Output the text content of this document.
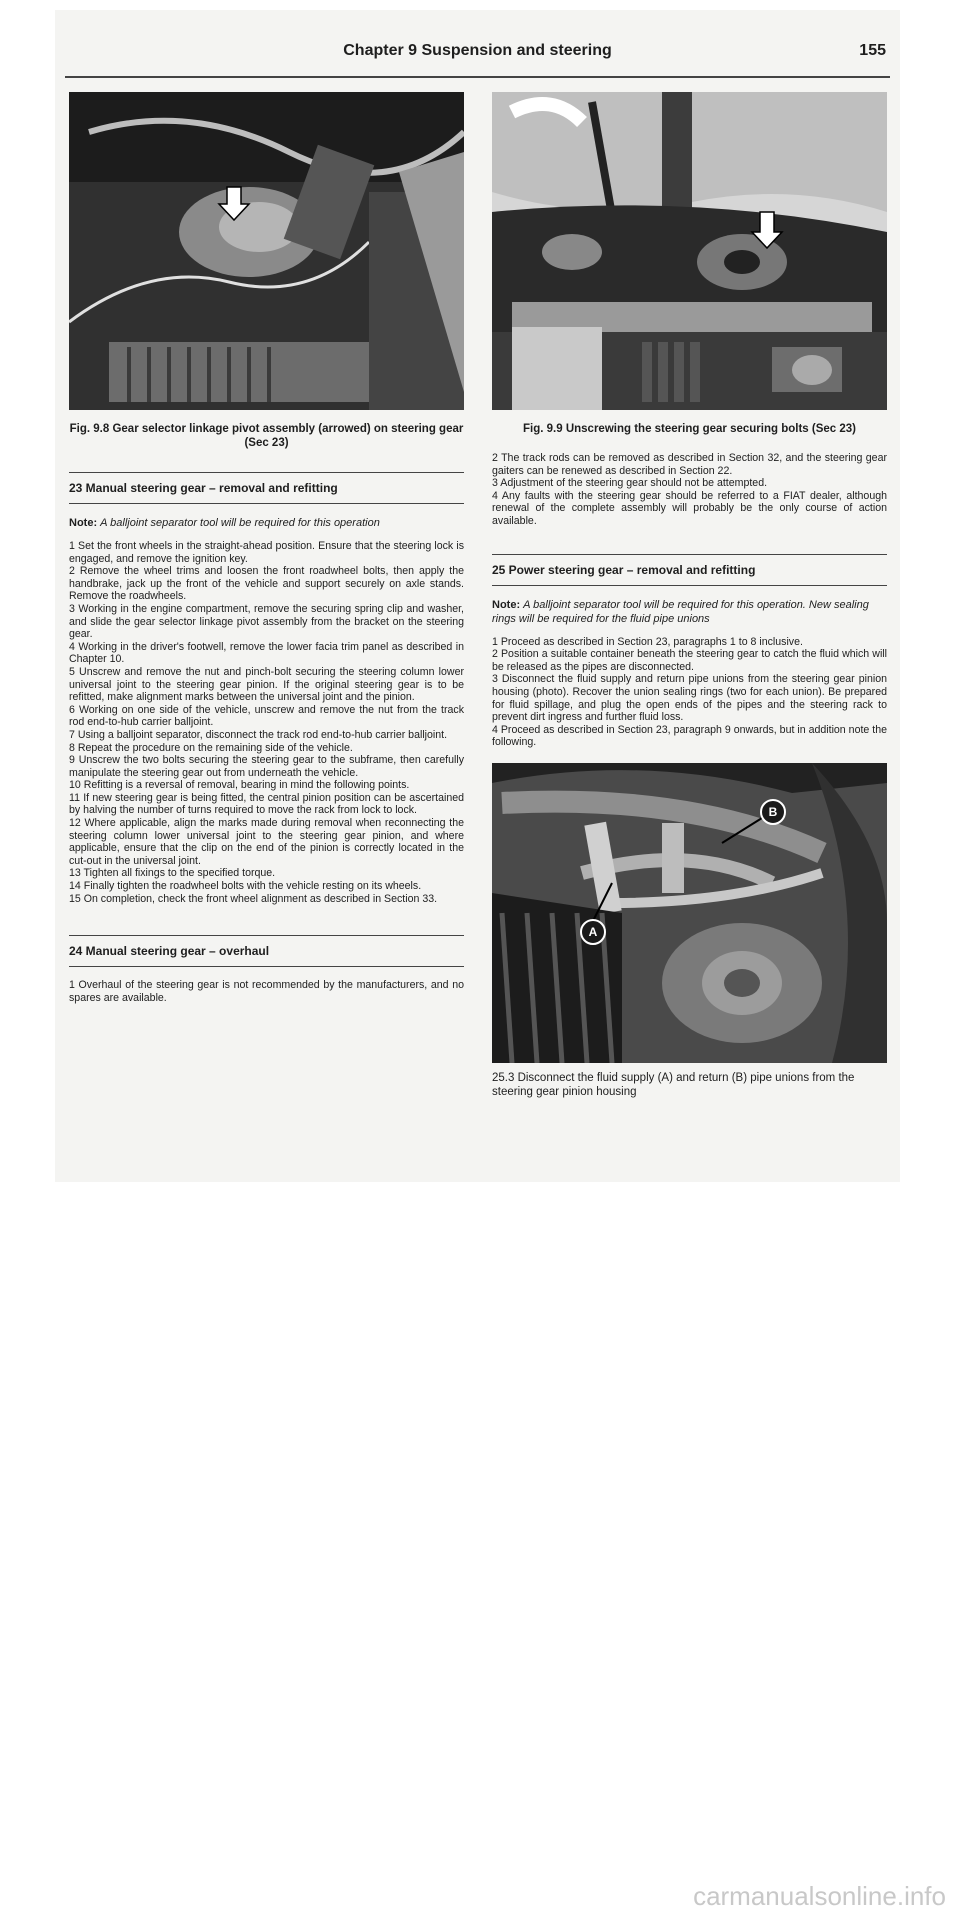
Chapter 9 Suspension and steering	155
Fig. 9.8 Gear selector linkage pivot assembly (arrowed) on steering gear (Sec 23)
23 Manual steering gear – removal and refitting
Note: A balljoint separator tool will be required for this operation

1 Set the front wheels in the straight-ahead position. Ensure that the steering lock is engaged, and remove the ignition key.

2 Remove the wheel trims and loosen the front roadwheel bolts, then apply the handbrake, jack up the front of the vehicle and support securely on axle stands. Remove the roadwheels.

3 Working in the engine compartment, remove the securing spring clip and washer, and slide the gear selector linkage pivot assembly from the bracket on the steering gear.

4 Working in the driver's footwell, remove the lower facia trim panel as described in Chapter 10.

5 Unscrew and remove the nut and pinch-bolt securing the steering column lower universal joint to the steering gear pinion. If the original steering gear is to be refitted, make alignment marks between the universal joint and the pinion.

6 Working on one side of the vehicle, unscrew and remove the nut from the track rod end-to-hub carrier balljoint.

7 Using a balljoint separator, disconnect the track rod end-to-hub carrier balljoint.

8 Repeat the procedure on the remaining side of the vehicle.

9 Unscrew the two bolts securing the steering gear to the subframe, then carefully manipulate the steering gear out from underneath the vehicle.

10 Refitting is a reversal of removal, bearing in mind the following points.

11 If new steering gear is being fitted, the central pinion position can be ascertained by halving the number of turns required to move the rack from lock to lock.

12 Where applicable, align the marks made during removal when reconnecting the steering column lower universal joint to the steering gear pinion, and where applicable, ensure that the clip on the end of the pinion is correctly located in the cut-out in the universal joint.

13 Tighten all fixings to the specified torque.

14 Finally tighten the roadwheel bolts with the vehicle resting on its wheels.

15 On completion, check the front wheel alignment as described in Section 33.

24 Manual steering gear – overhaul

1 Overhaul of the steering gear is not recommended by the manufacturers, and no spares are available.

Fig. 9.9 Unscrewing the steering gear securing bolts (Sec 23)

2 The track rods can be removed as described in Section 32, and the steering gear gaiters can be renewed as described in Section 22.

3 Adjustment of the steering gear should not be attempted.

4 Any faults with the steering gear should be referred to a FIAT dealer, although renewal of the complete assembly will probably be the only course of action available.

25 Power steering gear – removal and refitting
Note: A balljoint separator tool will be required for this operation. New sealing rings will be required for the fluid pipe unions

1 Proceed as described in Section 23, paragraphs 1 to 8 inclusive.

2 Position a suitable container beneath the steering gear to catch the fluid which will be released as the pipes are disconnected.

3 Disconnect the fluid supply and return pipe unions from the steering gear pinion housing (photo). Recover the union sealing rings (two for each union). Be prepared for fluid spillage, and plug the open ends of the pipes and the steering rack to prevent dirt ingress and further fluid loss.

4 Proceed as described in Section 23, paragraph 9 onwards, but in addition note the following.

B
A
25.3 Disconnect the fluid supply (A) and return (B) pipe unions from the steering gear pinion housing
carmanualsonline.info
